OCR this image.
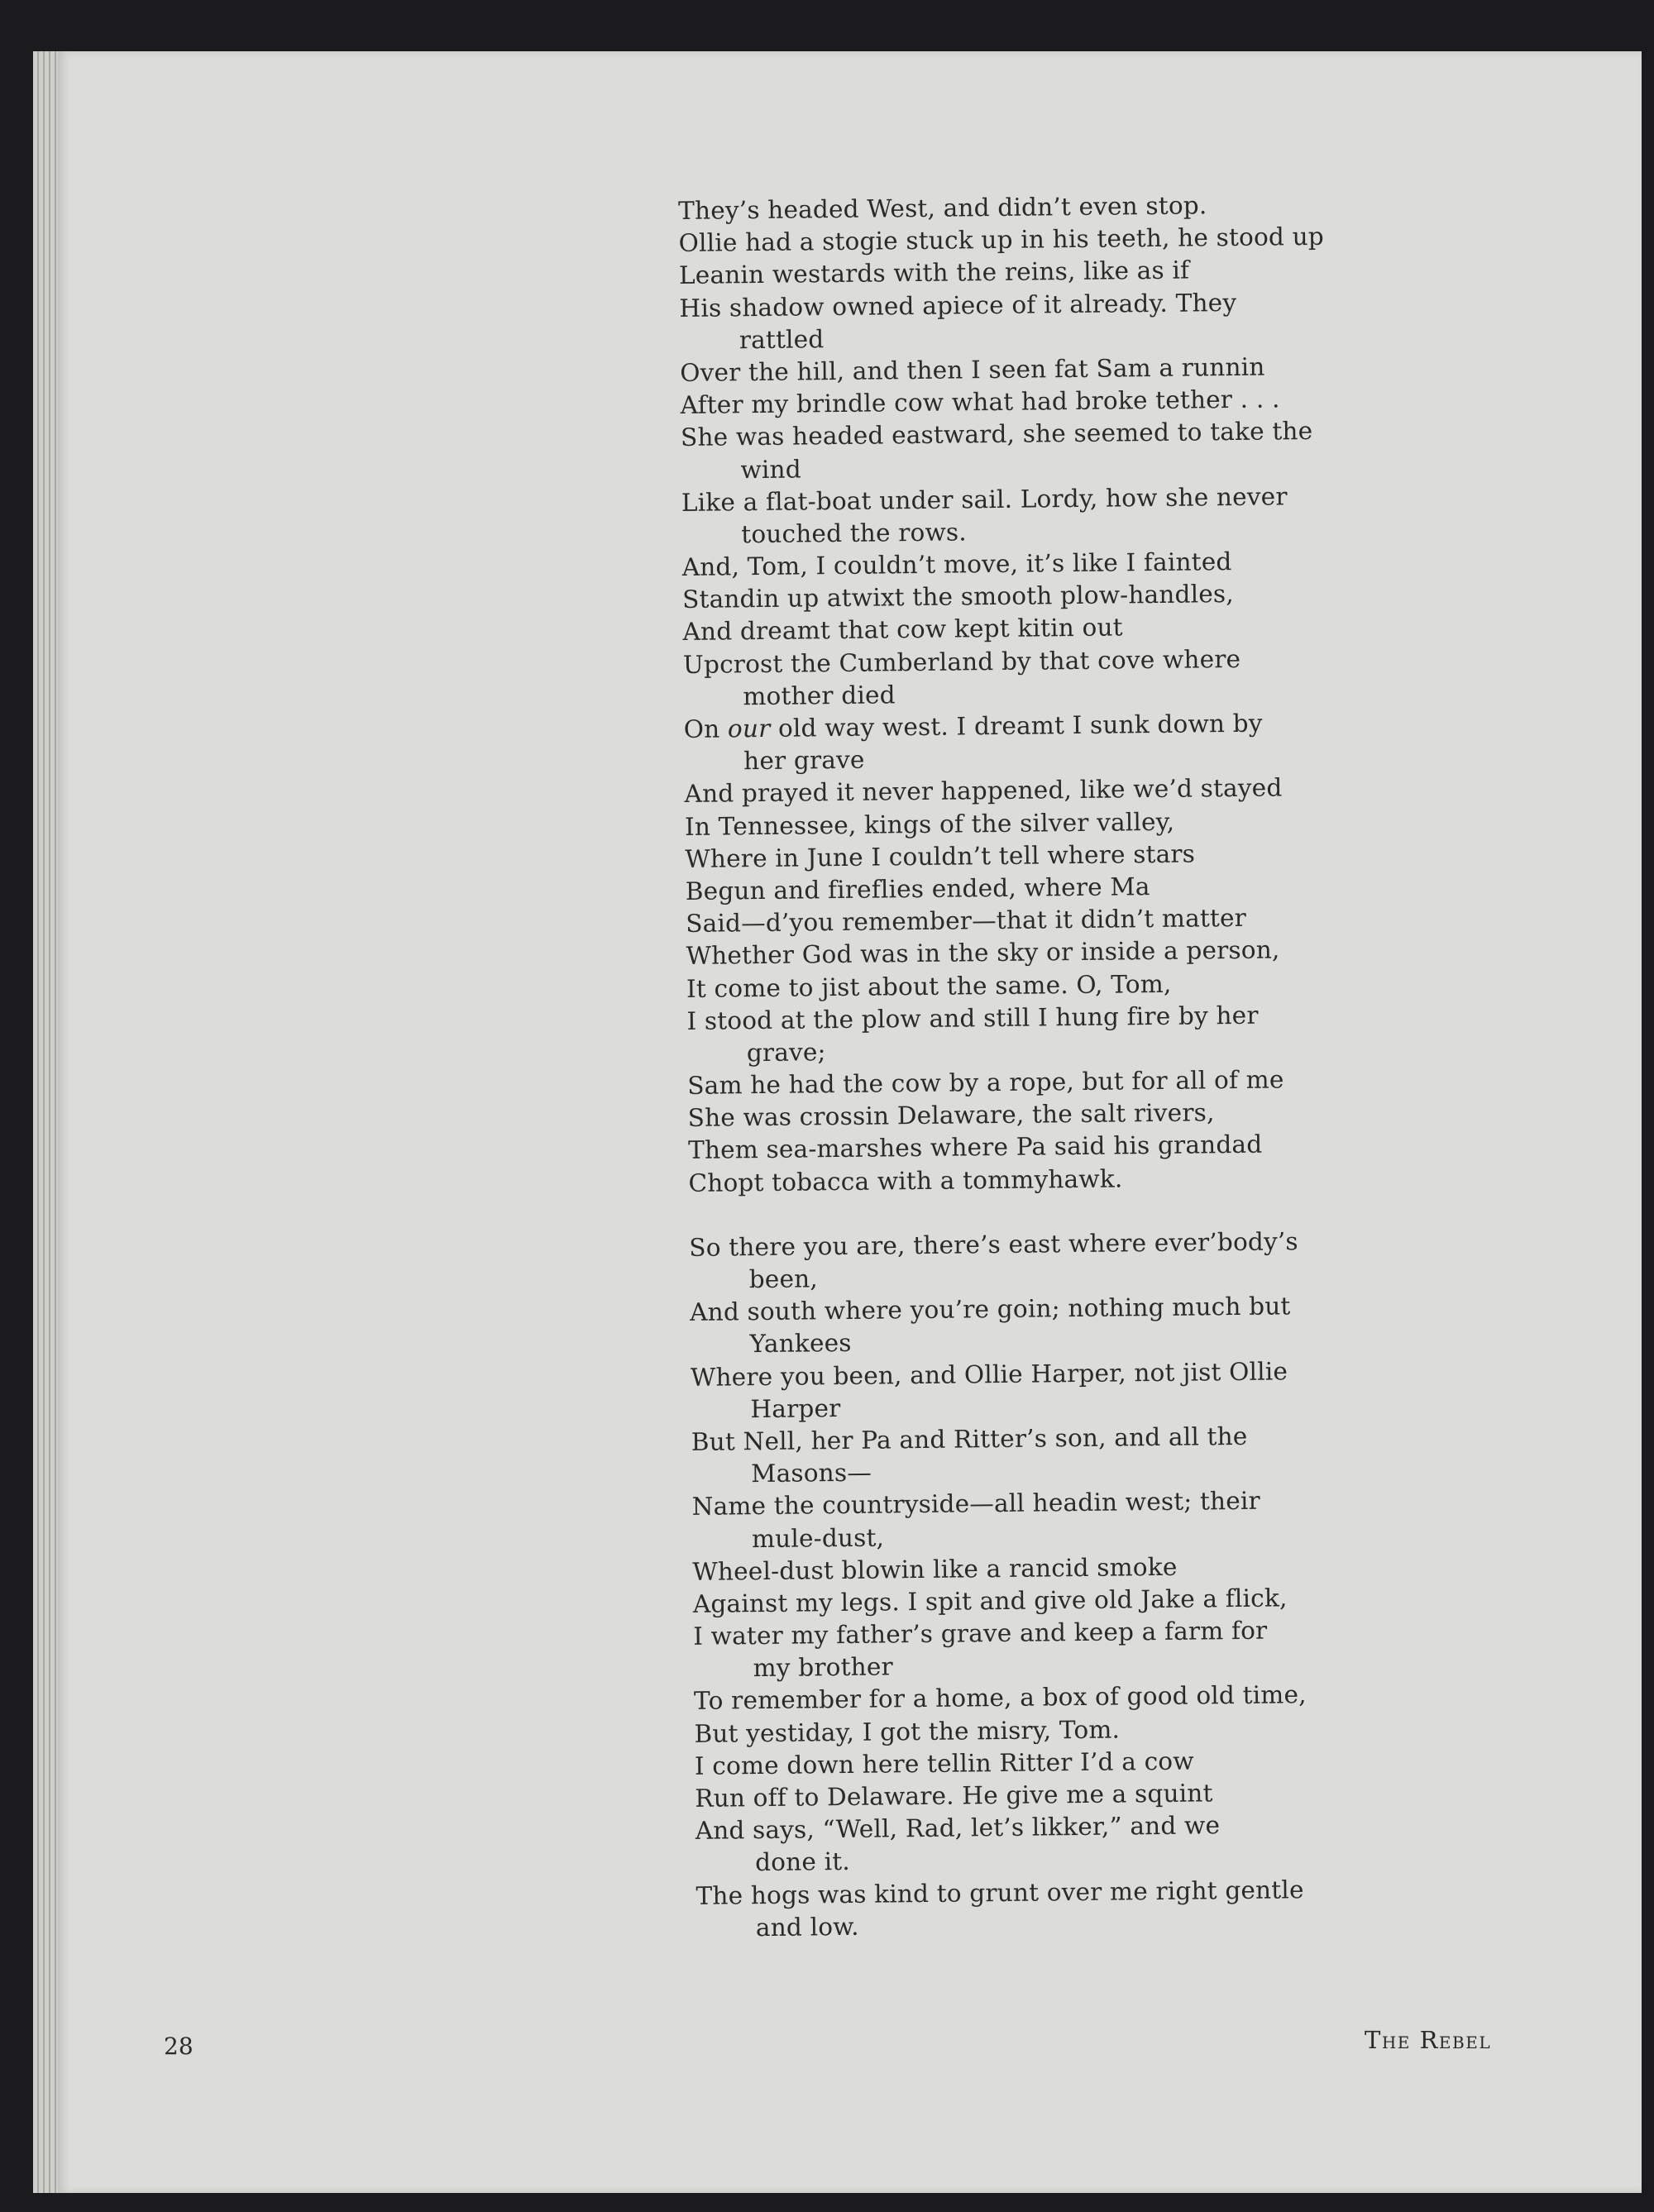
They’s headed West, and didn’t even stop.
Ollie had a stogie stuck up in his teeth, he stood up
Leanin westards with the reins, like as if
His shadow owned apiece of it already. They
rattled
Over the hill, and then I seen fat Sam a runnin
After my brindle cow what had broke tether . . .
She was headed eastward, she seemed to take the
wind
Like a flat-boat under sail. Lordy, how she never
touched the rows.
And, Tom, I couldn’t move, it’s like I fainted
Standin up atwixt the smooth plow-handles,
And dreamt that cow kept kitin out
Upcrost the Cumberland by that cove where
mother died
On our old way west. I dreamt I sunk down by
her grave
And prayed it never happened, like we’d stayed
In Tennessee, kings of the silver valley,
Where in June I couldn’t tell where stars
Begun and fireflies ended, where Ma
Said—d’you remember—that it didn’t matter
Whether God was in the sky or inside a person,
It come to jist about the same. O, Tom,
I stood at the plow and still I hung fire by her
grave;
Sam he had the cow by a rope, but for all of me
She was crossin Delaware, the salt rivers,
Them sea-marshes where Pa said his grandad
Chopt tobacca with a tommyhawk.
So there you are, there’s east where ever’body’s
been,
And south where you’re goin; nothing much but
Yankees
Where you been, and Ollie Harper, not jist Ollie
Harper
But Nell, her Pa and Ritter’s son, and all the
Masons—
Name the countryside—all headin west; their
mule-dust,
Wheel-dust blowin like a rancid smoke
Against my legs. I spit and give old Jake a flick,
I water my father’s grave and keep a farm for
my brother
To remember for a home, a box of good old time,
But yestiday, I got the misry, Tom.
I come down here tellin Ritter I’d a cow
Run off to Delaware. He give me a squint
And says, “Well, Rad, let’s likker,” and we
done it.
The hogs was kind to grunt over me right gentle
and low.
28	The Rebel
